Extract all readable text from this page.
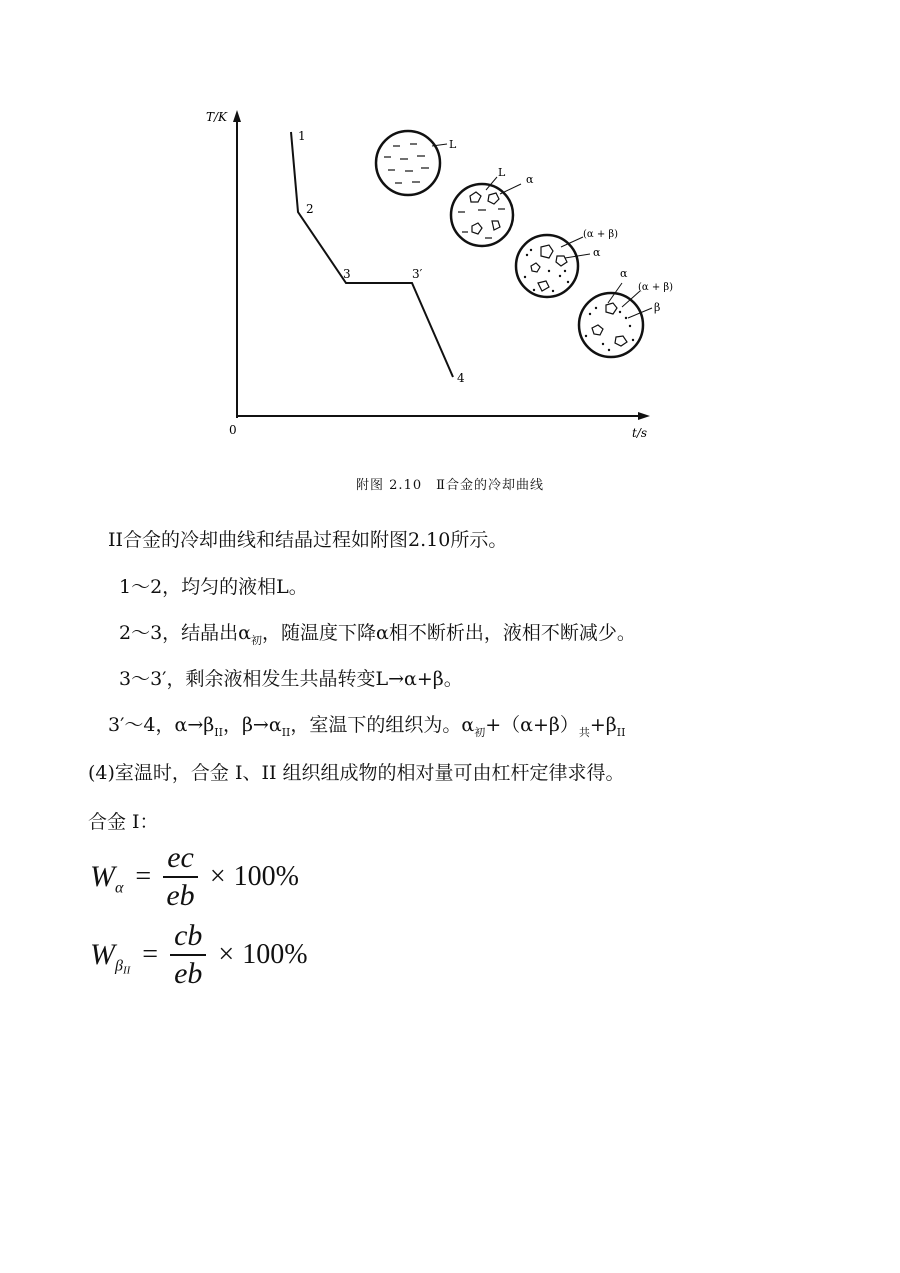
T/K
t/s
0
1
2
3	3′
4
L
L
α
(α + β)
α
α
(α + β)
β
附图 2.10　Ⅱ合金的冷却曲线
II合金的冷却曲线和结晶过程如附图2.10所示。
1～2，均匀的液相L。
2～3，结晶出$\alpha_初$，随温度下降α相不断析出，液相不断减少。
3～3′，剩余液相发生共晶转变L→α+β。
3′～4，$\alpha\to\beta_{II}$，$\beta\to\alpha_{II}$，室温下的组织为。$\alpha_初+(\alpha+\beta)_共+\beta_{II}$
(4)室温时，合金 I、II 组织组成物的相对量可由杠杆定律求得。
合金 I：
$W\alpha = \frac{ec}{eb} \times 100\%$
$W\beta_{II} = \frac{cb}{eb} \times 100\%$
